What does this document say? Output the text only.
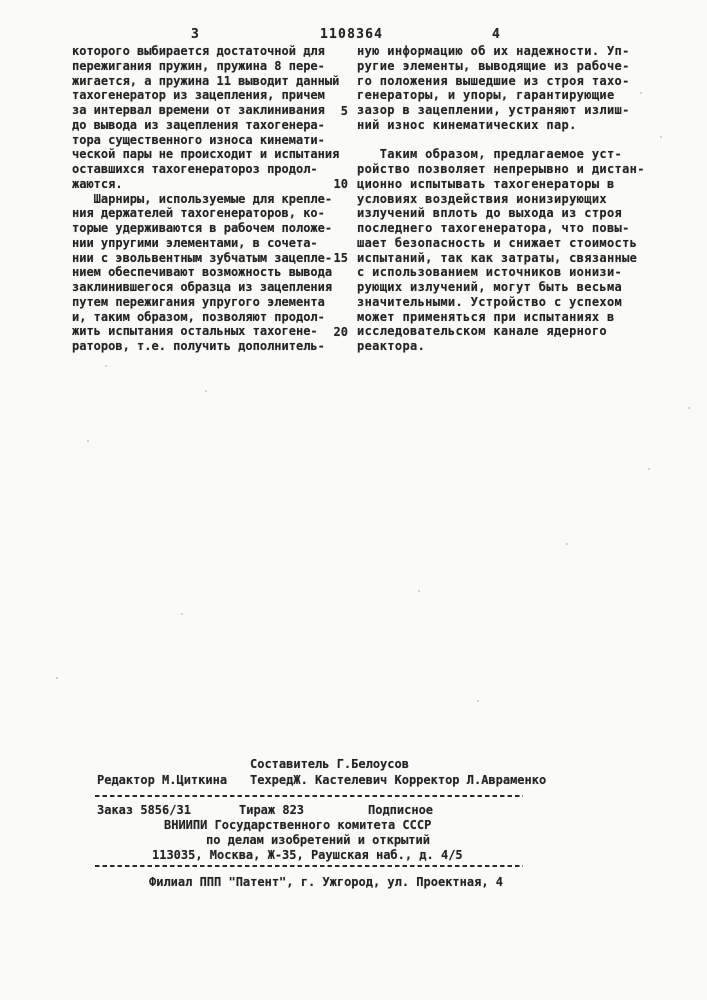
3	1108364	4
которого выбирается достаточной для
пережигания пружин, пружина 8 пере-
жигается, а пружина 11 выводит данный
тахогенератор из зацепления, причем
за интервал времени от заклинивания
до вывода из зацепления тахогенера-
тора существенного износа кинемати-
ческой пары не происходит и испытания
оставшихся тахогенератороз продол-
жаются.
Шарниры, используемые для крепле-
ния держателей тахогенераторов, ко-
торые удерживаются в рабочем положе-
нии упругими элементами, в сочета-
нии с эвольвентным зубчатым зацепле-
нием обеспечивают возможность вывода
заклинившегося образца из зацепления
путем пережигания упругого элемента
и, таким образом, позволяют продол-
жить испытания остальных тахогене-
раторов, т.е. получить дополнитель-
5
10
15
20
ную информацию об их надежности. Уп-
ругие элементы, выводящие из рабоче-
го положения вышедшие из строя тахо-
генераторы, и упоры, гарантирующие
зазор в зацеплении, устраняют излиш-
ний износ кинематических пар.
Таким образом, предлагаемое уст-
ройство позволяет непрерывно и дистан-
ционно испытывать тахогенераторы в
условиях воздействия ионизирующих
излучений вплоть до выхода из строя
последнего тахогенератора, что повы-
шает безопасность и снижает стоимость
испытаний, так как затраты, связанные
с использованием источников ионизи-
рующих излучений, могут быть весьма
значительными. Устройство с успехом
может применяться при испытаниях в
исследовательском канале ядерного
реактора.
Составитель Г.Белоусов
Редактор М.Циткина ТехредЖ. Кастелевич Корректор Л.Авраменко
Заказ 5856/31	Тираж 823	Подписное
ВНИИПИ Государственного комитета СССР
по делам изобретений и открытий
113035, Москва, Ж-35, Раушская наб., д. 4/5
Филиал ППП "Патент", г. Ужгород, ул. Проектная, 4
